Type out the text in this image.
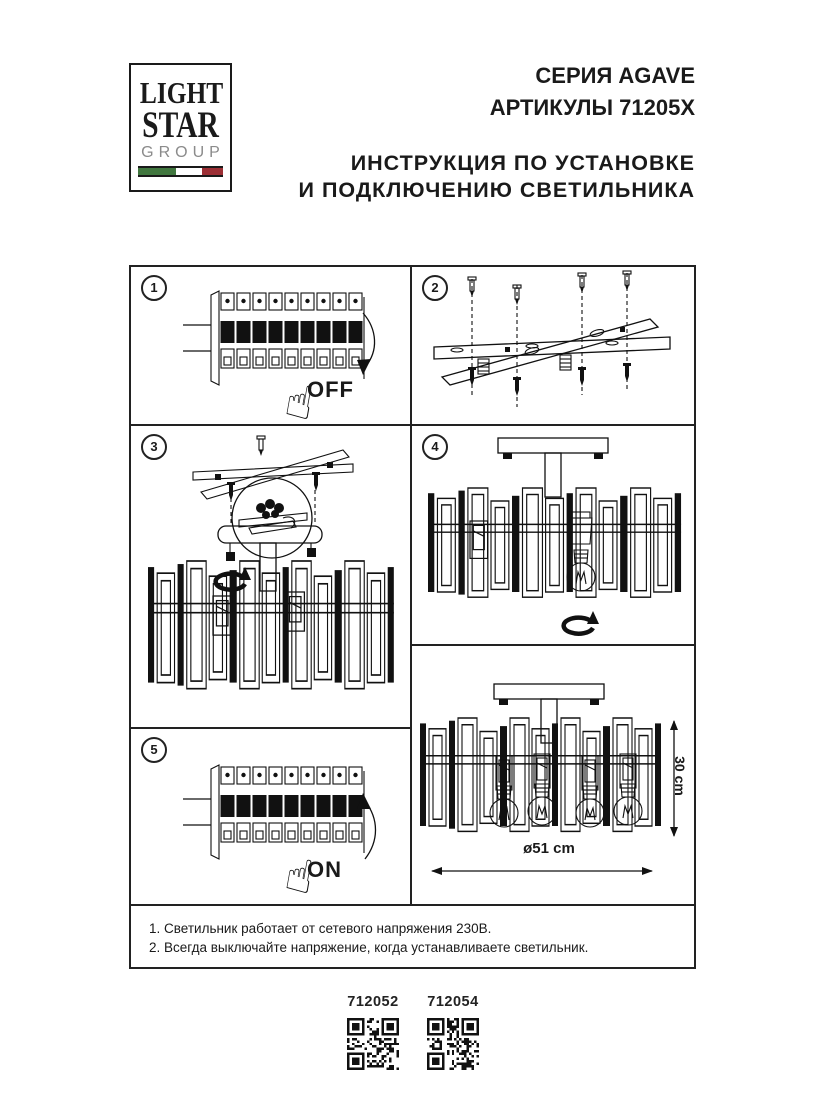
LIGHT
STAR
GROUP
СЕРИЯ AGAVE
АРТИКУЛЫ 71205X
ИНСТРУКЦИЯ ПО УСТАНОВКЕ
И ПОДКЛЮЧЕНИЮ СВЕТИЛЬНИКА
1
OFF
2
3	4
5
ON
30 cm
ø51 cm
1. Светильник работает от сетевого напряжения 230В.
2. Всегда выключайте напряжение, когда устанавливаете светильник.
712052 712054
